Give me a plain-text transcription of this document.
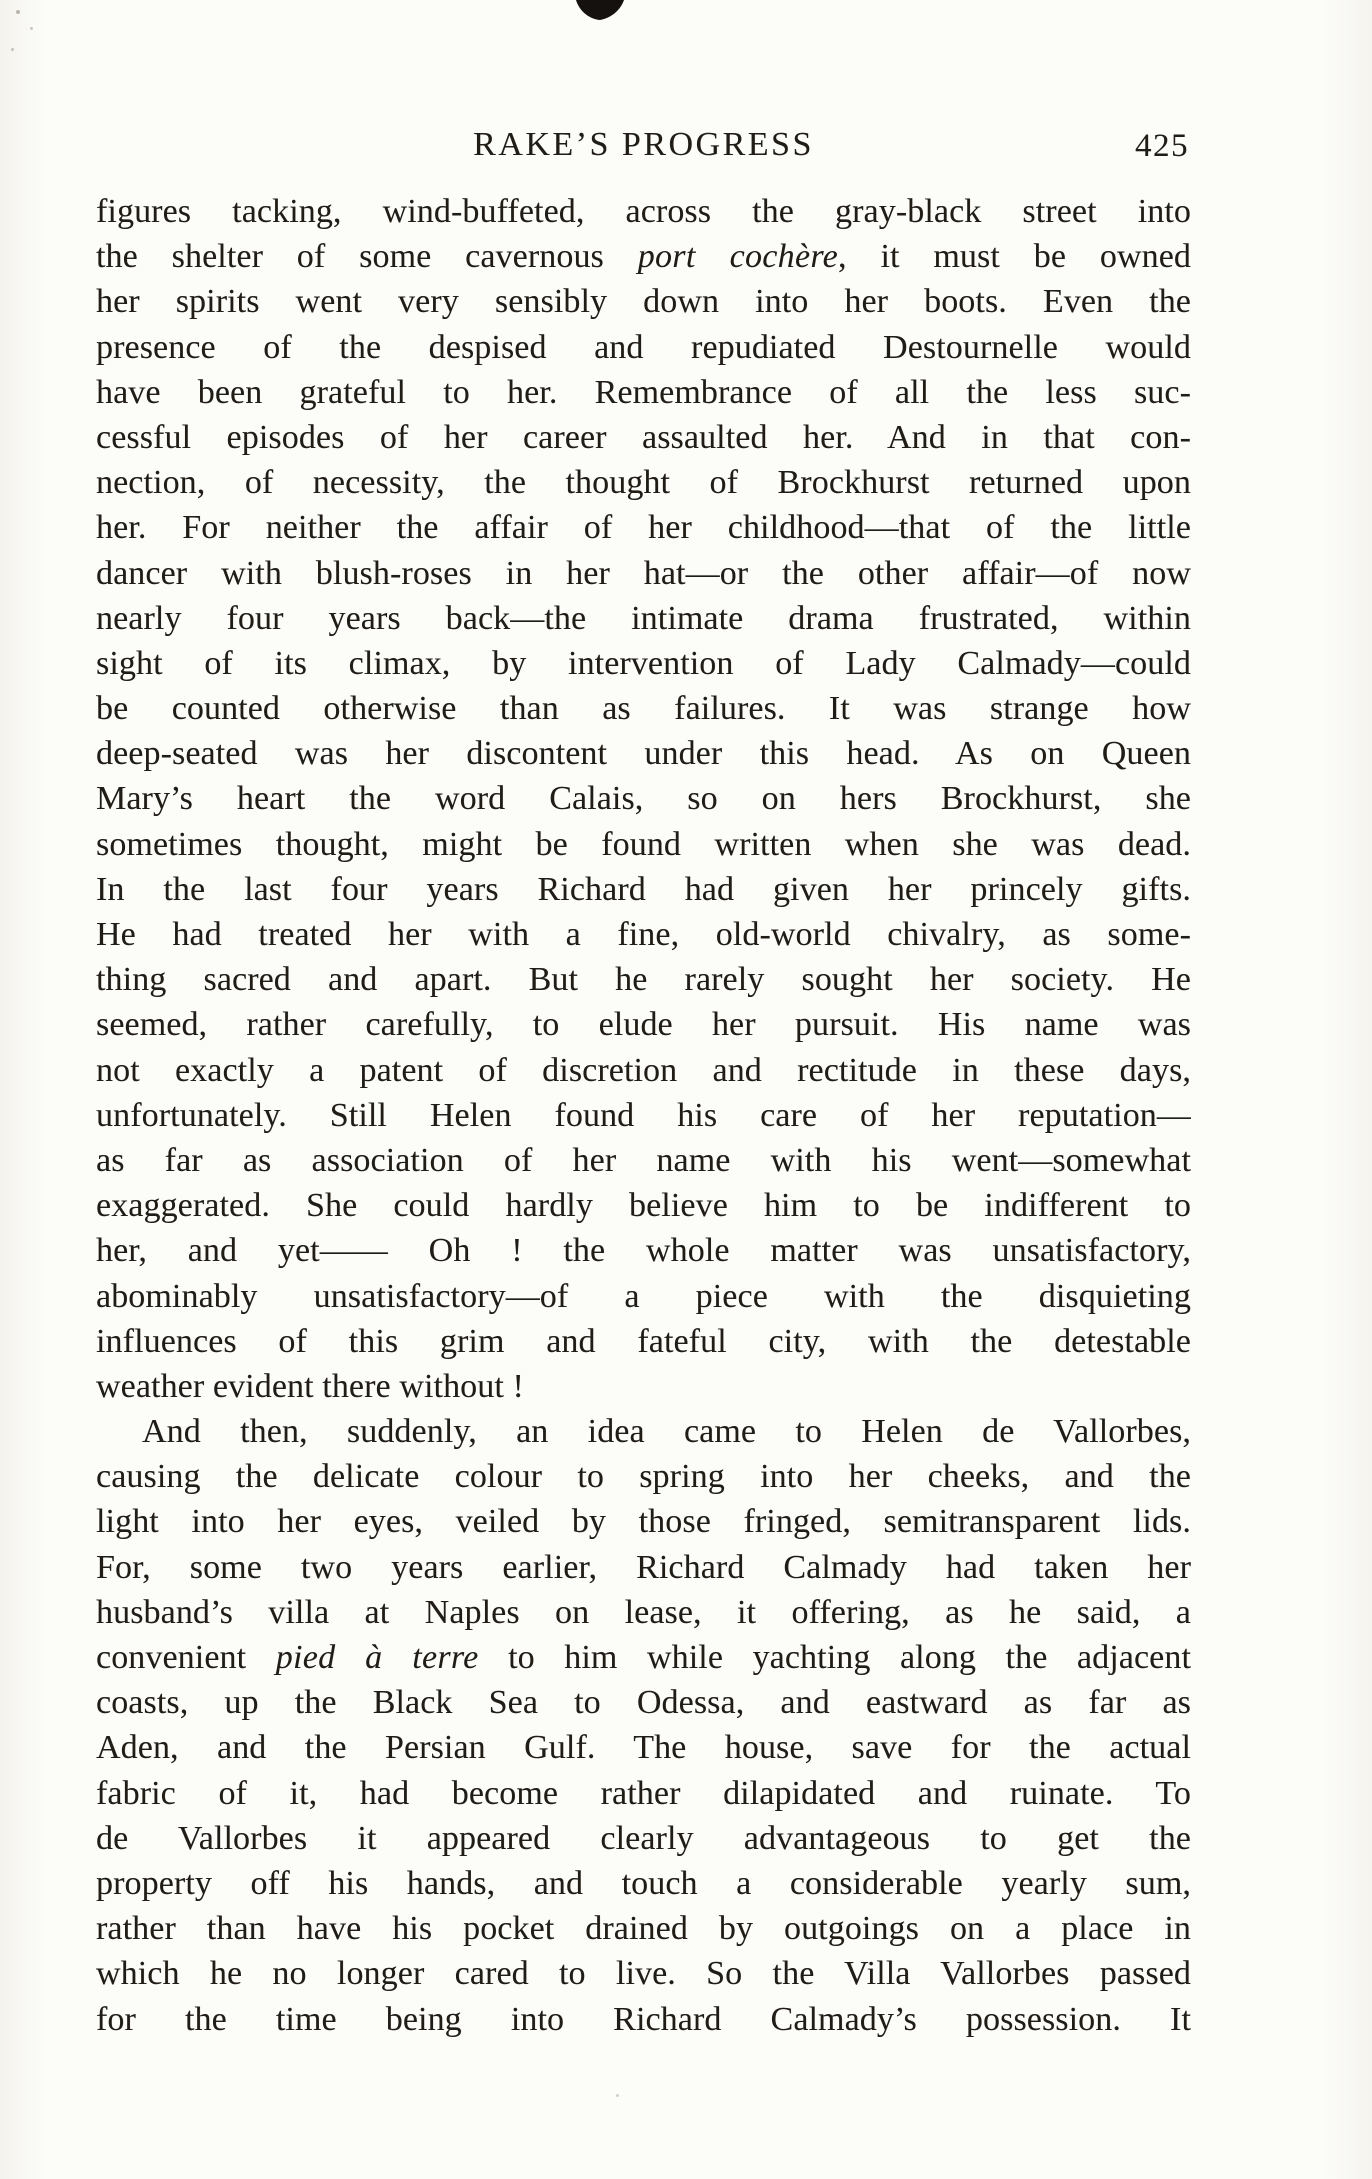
RAKE’S PROGRESS	425
figures tacking, wind-buffeted, across the gray-black street into
the shelter of some cavernous port cochère, it must be owned
her spirits went very sensibly down into her boots. Even the
presence of the despised and repudiated Destournelle would
have been grateful to her. Remembrance of all the less suc-
cessful episodes of her career assaulted her. And in that con-
nection, of necessity, the thought of Brockhurst returned upon
her. For neither the affair of her childhood—that of the little
dancer with blush-roses in her hat—or the other affair—of now
nearly four years back—the intimate drama frustrated, within
sight of its climax, by intervention of Lady Calmady—could
be counted otherwise than as failures. It was strange how
deep-seated was her discontent under this head. As on Queen
Mary’s heart the word Calais, so on hers Brockhurst, she
sometimes thought, might be found written when she was dead.
In the last four years Richard had given her princely gifts.
He had treated her with a fine, old-world chivalry, as some-
thing sacred and apart. But he rarely sought her society. He
seemed, rather carefully, to elude her pursuit. His name was
not exactly a patent of discretion and rectitude in these days,
unfortunately. Still Helen found his care of her reputation—
as far as association of her name with his went—somewhat
exaggerated. She could hardly believe him to be indifferent to
her, and yet—— Oh ! the whole matter was unsatisfactory,
abominably unsatisfactory—of a piece with the disquieting
influences of this grim and fateful city, with the detestable
weather evident there without !
And then, suddenly, an idea came to Helen de Vallorbes,
causing the delicate colour to spring into her cheeks, and the
light into her eyes, veiled by those fringed, semitransparent lids.
For, some two years earlier, Richard Calmady had taken her
husband’s villa at Naples on lease, it offering, as he said, a
convenient pied à terre to him while yachting along the adjacent
coasts, up the Black Sea to Odessa, and eastward as far as
Aden, and the Persian Gulf. The house, save for the actual
fabric of it, had become rather dilapidated and ruinate. To
de Vallorbes it appeared clearly advantageous to get the
property off his hands, and touch a considerable yearly sum,
rather than have his pocket drained by outgoings on a place in
which he no longer cared to live. So the Villa Vallorbes passed
for the time being into Richard Calmady’s possession. It
